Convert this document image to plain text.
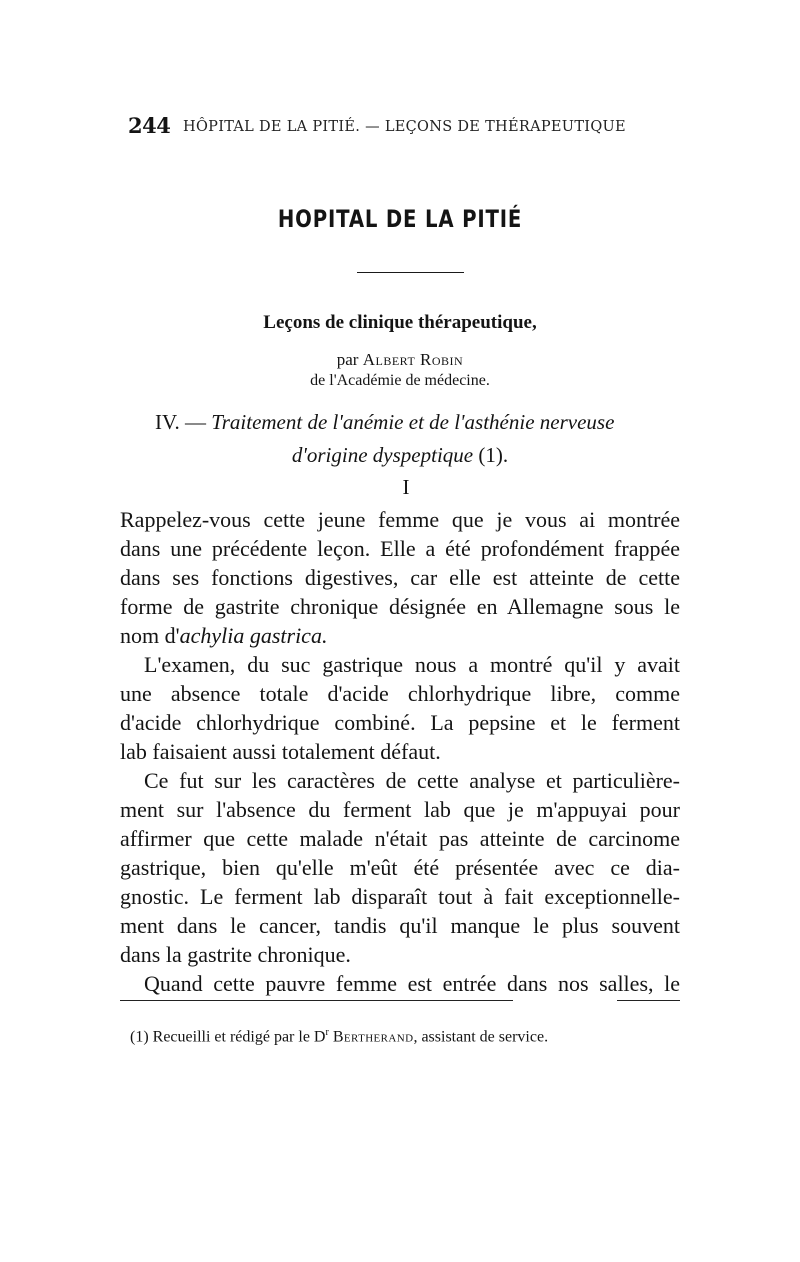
244 HÔPITAL DE LA PITIÉ. — LEÇONS DE THÉRAPEUTIQUE
HOPITAL DE LA PITIÉ
Leçons de clinique thérapeutique,
par Albert Robin
de l'Académie de médecine.
IV. — Traitement de l'anémie et de l'asthénie nerveuse
d'origine dyspeptique (1).
I
Rappelez-vous cette jeune femme que je vous ai montrée
dans une précédente leçon. Elle a été profondément frappée
dans ses fonctions digestives, car elle est atteinte de cette
forme de gastrite chronique désignée en Allemagne sous le
nom d'achylia gastrica.
L'examen, du suc gastrique nous a montré qu'il y avait
une absence totale d'acide chlorhydrique libre, comme
d'acide chlorhydrique combiné. La pepsine et le ferment
lab faisaient aussi totalement défaut.
Ce fut sur les caractères de cette analyse et particulière-
ment sur l'absence du ferment lab que je m'appuyai pour
affirmer que cette malade n'était pas atteinte de carcinome
gastrique, bien qu'elle m'eût été présentée avec ce dia-
gnostic. Le ferment lab disparaît tout à fait exceptionnelle-
ment dans le cancer, tandis qu'il manque le plus souvent
dans la gastrite chronique.
Quand cette pauvre femme est entrée dans nos salles, le
(1) Recueilli et rédigé par le $D^r$ Bertherand, assistant de service.
